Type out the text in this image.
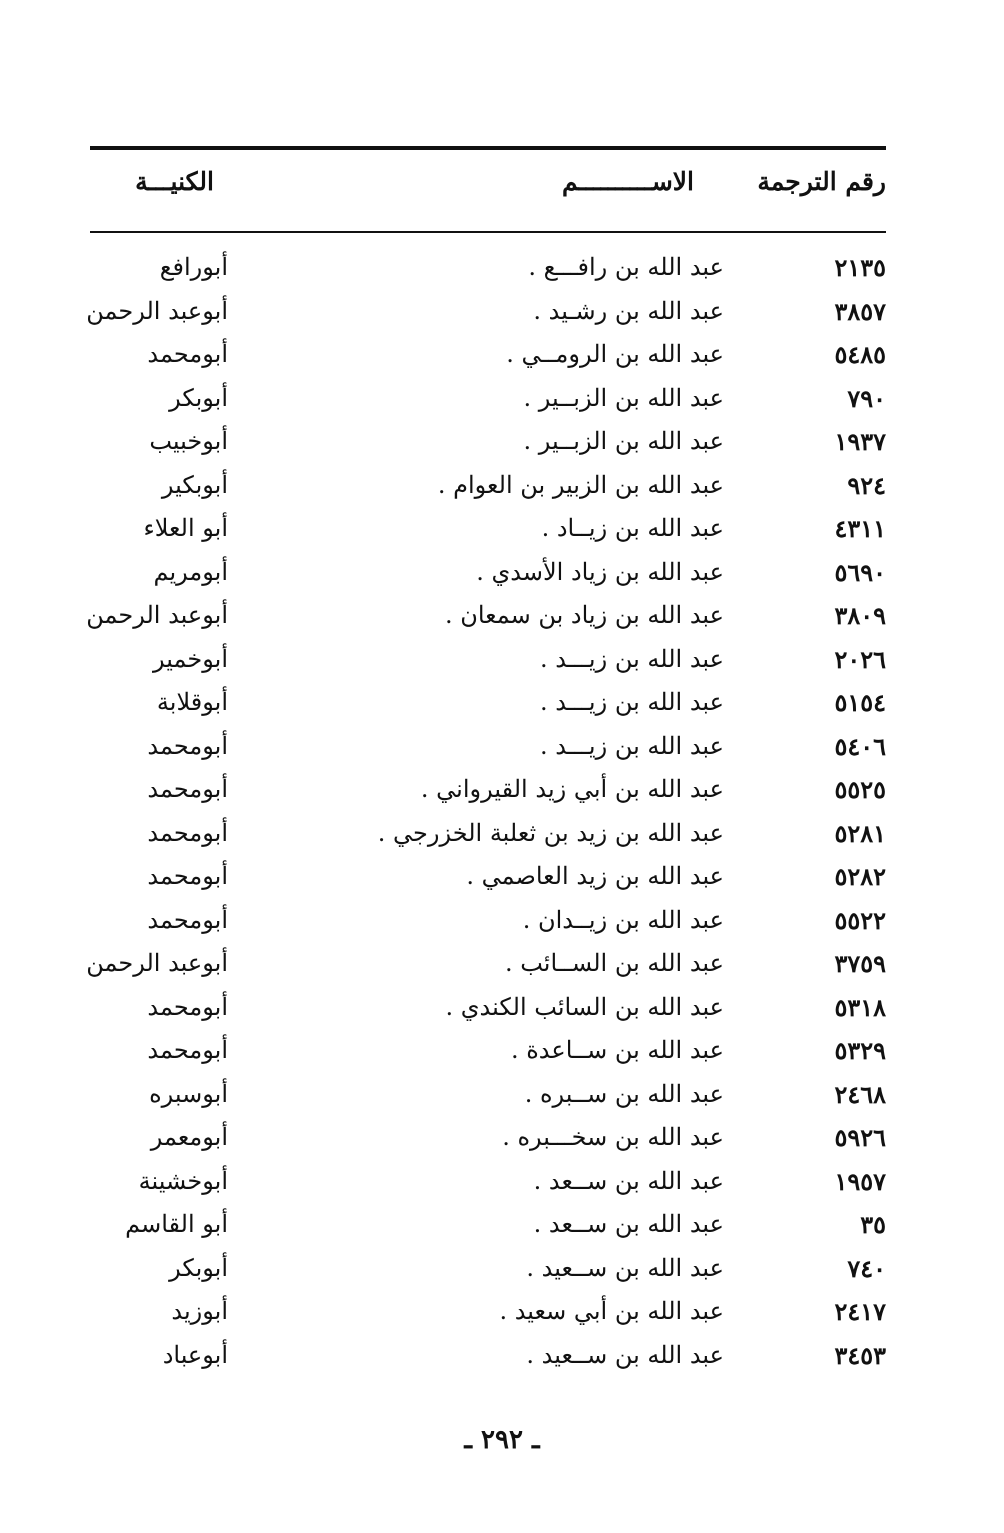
رقم الترجمة
الاســــــــــم
الكنيـــة
٢١٣٥
عبد الله بن رافـــع .
أبورافع
٣٨٥٧
عبد الله بن رشـيد .
أبوعبد الرحمن
٥٤٨٥
عبد الله بن الرومــي .
أبومحمد
٧٩٠
عبد الله بن الزبــير .
أبوبكر
١٩٣٧
عبد الله بن الزبــير .
أبوخبيب
٩٢٤
عبد الله بن الزبير بن العوام .
أبوبكير
٤٣١١
عبد الله بن زيــاد .
أبو العلاء
٥٦٩٠
عبد الله بن زياد الأسدي .
أبومريم
٣٨٠٩
عبد الله بن زياد بن سمعان .
أبوعبد الرحمن
٢٠٢٦
عبد الله بن زيـــد .
أبوخمير
٥١٥٤
عبد الله بن زيـــد .
أبوقلابة
٥٤٠٦
عبد الله بن زيـــد .
أبومحمد
٥٥٢٥
عبد الله بن أبي زيد القيرواني .
أبومحمد
٥٢٨١
عبد الله بن زيد بن ثعلبة الخزرجي .
أبومحمد
٥٢٨٢
عبد الله بن زيد العاصمي .
أبومحمد
٥٥٢٢
عبد الله بن زيــدان .
أبومحمد
٣٧٥٩
عبد الله بن الســائب .
أبوعبد الرحمن
٥٣١٨
عبد الله بن السائب الكندي .
أبومحمد
٥٣٢٩
عبد الله بن ســاعدة .
أبومحمد
٢٤٦٨
عبد الله بن ســبره .
أبوسبره
٥٩٢٦
عبد الله بن سخـــبره .
أبومعمر
١٩٥٧
عبد الله بن ســعد .
أبوخشينة
٣٥
عبد الله بن ســعد .
أبو القاسم
٧٤٠
عبد الله بن ســعيد .
أبوبكر
٢٤١٧
عبد الله بن أبي سعيد .
أبوزيد
٣٤٥٣
عبد الله بن ســعيد .
أبوعباد
ـ ٢٩٢ ـ
